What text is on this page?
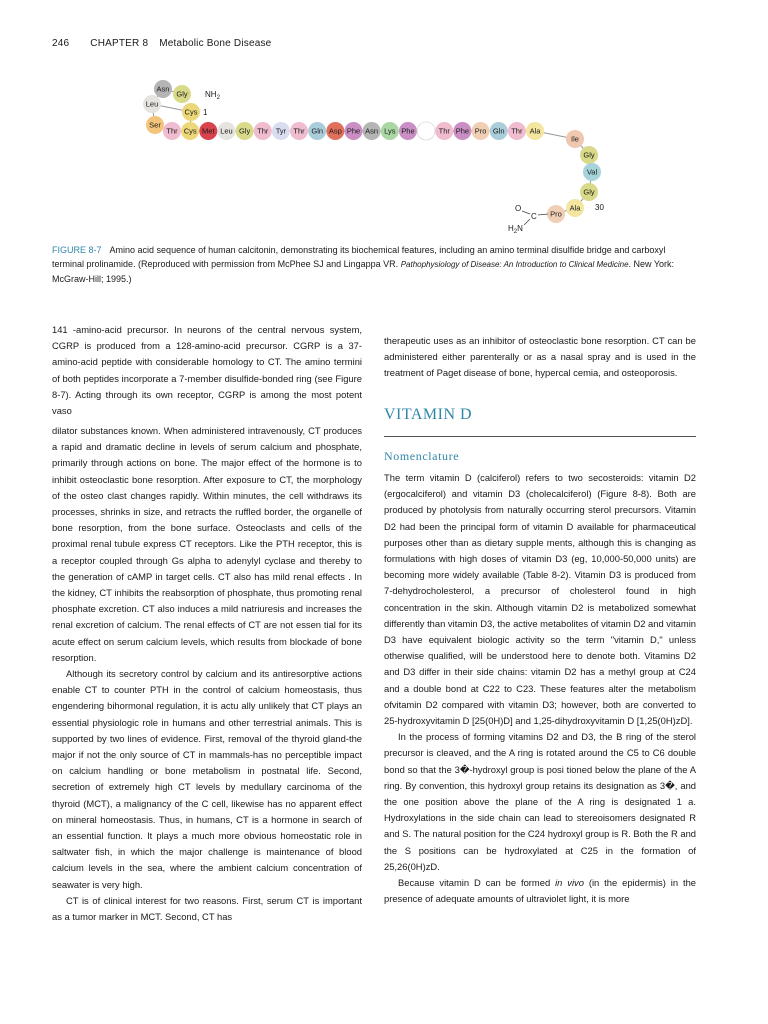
246 CHAPTER 8 Metabolic Bone Disease
Thr Cys Met Leu Gly Thr Tyr Thr Gln Asp Phe Asn Lys Phe	Thr Phe Pro Gln Thr Ala
Asn
Gly
Cys
Leu
Ser
Ile
Gly
Val
Gly
Ala
Pro
$NH_2$
1
30
O
C
$H_2N$
FIGURE 8-7 Amino acid sequence of human calcitonin, demonstrating its biochemical features, including an amino terminal disulfide bridge and carboxyl terminal prolinamide. (Reproduced with permission from McPhee SJ and Lingappa VR. Pathophysiology of Disease: An Introduction to Clinical Medicine. New York: McGraw-Hill; 1995.)

141 -amino-acid precursor. In neurons of the central nervous system, CGRP is produced from a 128-amino-acid precursor. CGRP is a 37-amino-acid peptide with considerable homology to CT. The amino termini of both peptides incorporate a 7-member disulfide-bonded ring (see Figure 8-7). Acting through its own receptor, CGRP is among the most potent vaso

dilator substances known. When administered intravenously, CT produces a rapid and dramatic decline in levels of serum calcium and phosphate, primarily through actions on bone. The major effect of the hormone is to inhibit osteoclastic bone resorption. After exposure to CT, the morphology of the osteo clast changes rapidly. Within minutes, the cell withdraws its processes, shrinks in size, and retracts the ruffled border, the organelle of bone resorption, from the bone surface. Osteoclasts and cells of the proximal renal tubule express CT receptors. Like the PTH receptor, this is a receptor coupled through Gs alpha to adenylyl cyclase and thereby to the generation of cAMP in target cells. CT also has mild renal effects . In the kidney, CT inhibits the reabsorption of phosphate, thus promoting renal phosphate excretion. CT also induces a mild natriuresis and increases the renal excretion of calcium. The renal effects of CT are not essen tial for its acute effect on serum calcium levels, which results from blockade of bone resorption.

Although its secretory control by calcium and its antiresorptive actions enable CT to counter PTH in the control of calcium homeostasis, thus engendering bihormonal regulation, it is actu ally unlikely that CT plays an essential physiologic role in humans and other terrestrial animals. This is supported by two lines of evidence. First, removal of the thyroid gland-the major if not the only source of CT in mammals-has no perceptible impact on calcium handling or bone metabolism in postnatal life. Second, secretion of extremely high CT levels by medullary carcinoma of the thyroid (MCT), a malignancy of the C cell, likewise has no apparent effect on mineral homeostasis. Thus, in humans, CT is a hormone in search of an essential function. It plays a much more obvious homeostatic role in saltwater fish, in which the major challenge is maintenance of blood calcium levels in the sea, where the ambient calcium concentration of seawater is very high.

CT is of clinical interest for two reasons. First, serum CT is important as a tumor marker in MCT. Second, CT has

therapeutic uses as an inhibitor of osteoclastic bone resorption. CT can be administered either parenterally or as a nasal spray and is used in the treatment of Paget disease of bone, hypercal cemia, and osteoporosis.

VITAMIN D
Nomenclature

The term vitamin D (calciferol) refers to two secosteroids: vitamin D2 (ergocalciferol) and vitamin D3 (cholecalciferol) (Figure 8-8). Both are produced by photolysis from naturally occurring sterol precursors. Vitamin D2 had been the principal form of vitamin D available for pharmaceutical purposes other than as dietary supple ments, although this is changing as formulations with high doses of vitamin D3 (eg, 10,000-50,000 units) are becoming more widely available (Table 8-2). Vitamin D3 is produced from 7-dehydrocholesterol, a precursor of cholesterol found in high concentration in the skin. Although vitamin D2 is metabolized somewhat differently than vitamin D3, the active metabolites of vitamin D2 and vitamin D3 have equivalent biologic activity so the term "vitamin D," unless otherwise qualified, will be understood here to denote both. Vitamins D2 and D3 differ in their side chains: vitamin D2 has a methyl group at C24 and a double bond at C22 to C23. These features alter the metabolism ofvitamin D2 compared with vitamin D3; however, both are converted to 25-hydroxyvitamin D [25(0H)D] and 1,25-dihydroxyvitamin D [1,25(0H)zD].

In the process of forming vitamins D2 and D3, the B ring of the sterol precursor is cleaved, and the A ring is rotated around the C5 to C6 double bond so that the 3�-hydroxyl group is posi tioned below the plane of the A ring. By convention, this hydroxyl group retains its designation as 3�, and the one position above the plane of the A ring is designated 1 a. Hydroxylations in the side chain can lead to stereoisomers designated R and S. The natural position for the C24 hydroxyl group is R. Both the R and the S positions can be hydroxylated at C25 in the formation of 25,26(0H)zD.

Because vitamin D can be formed in vivo (in the epidermis) in the presence of adequate amounts of ultraviolet light, it is more
